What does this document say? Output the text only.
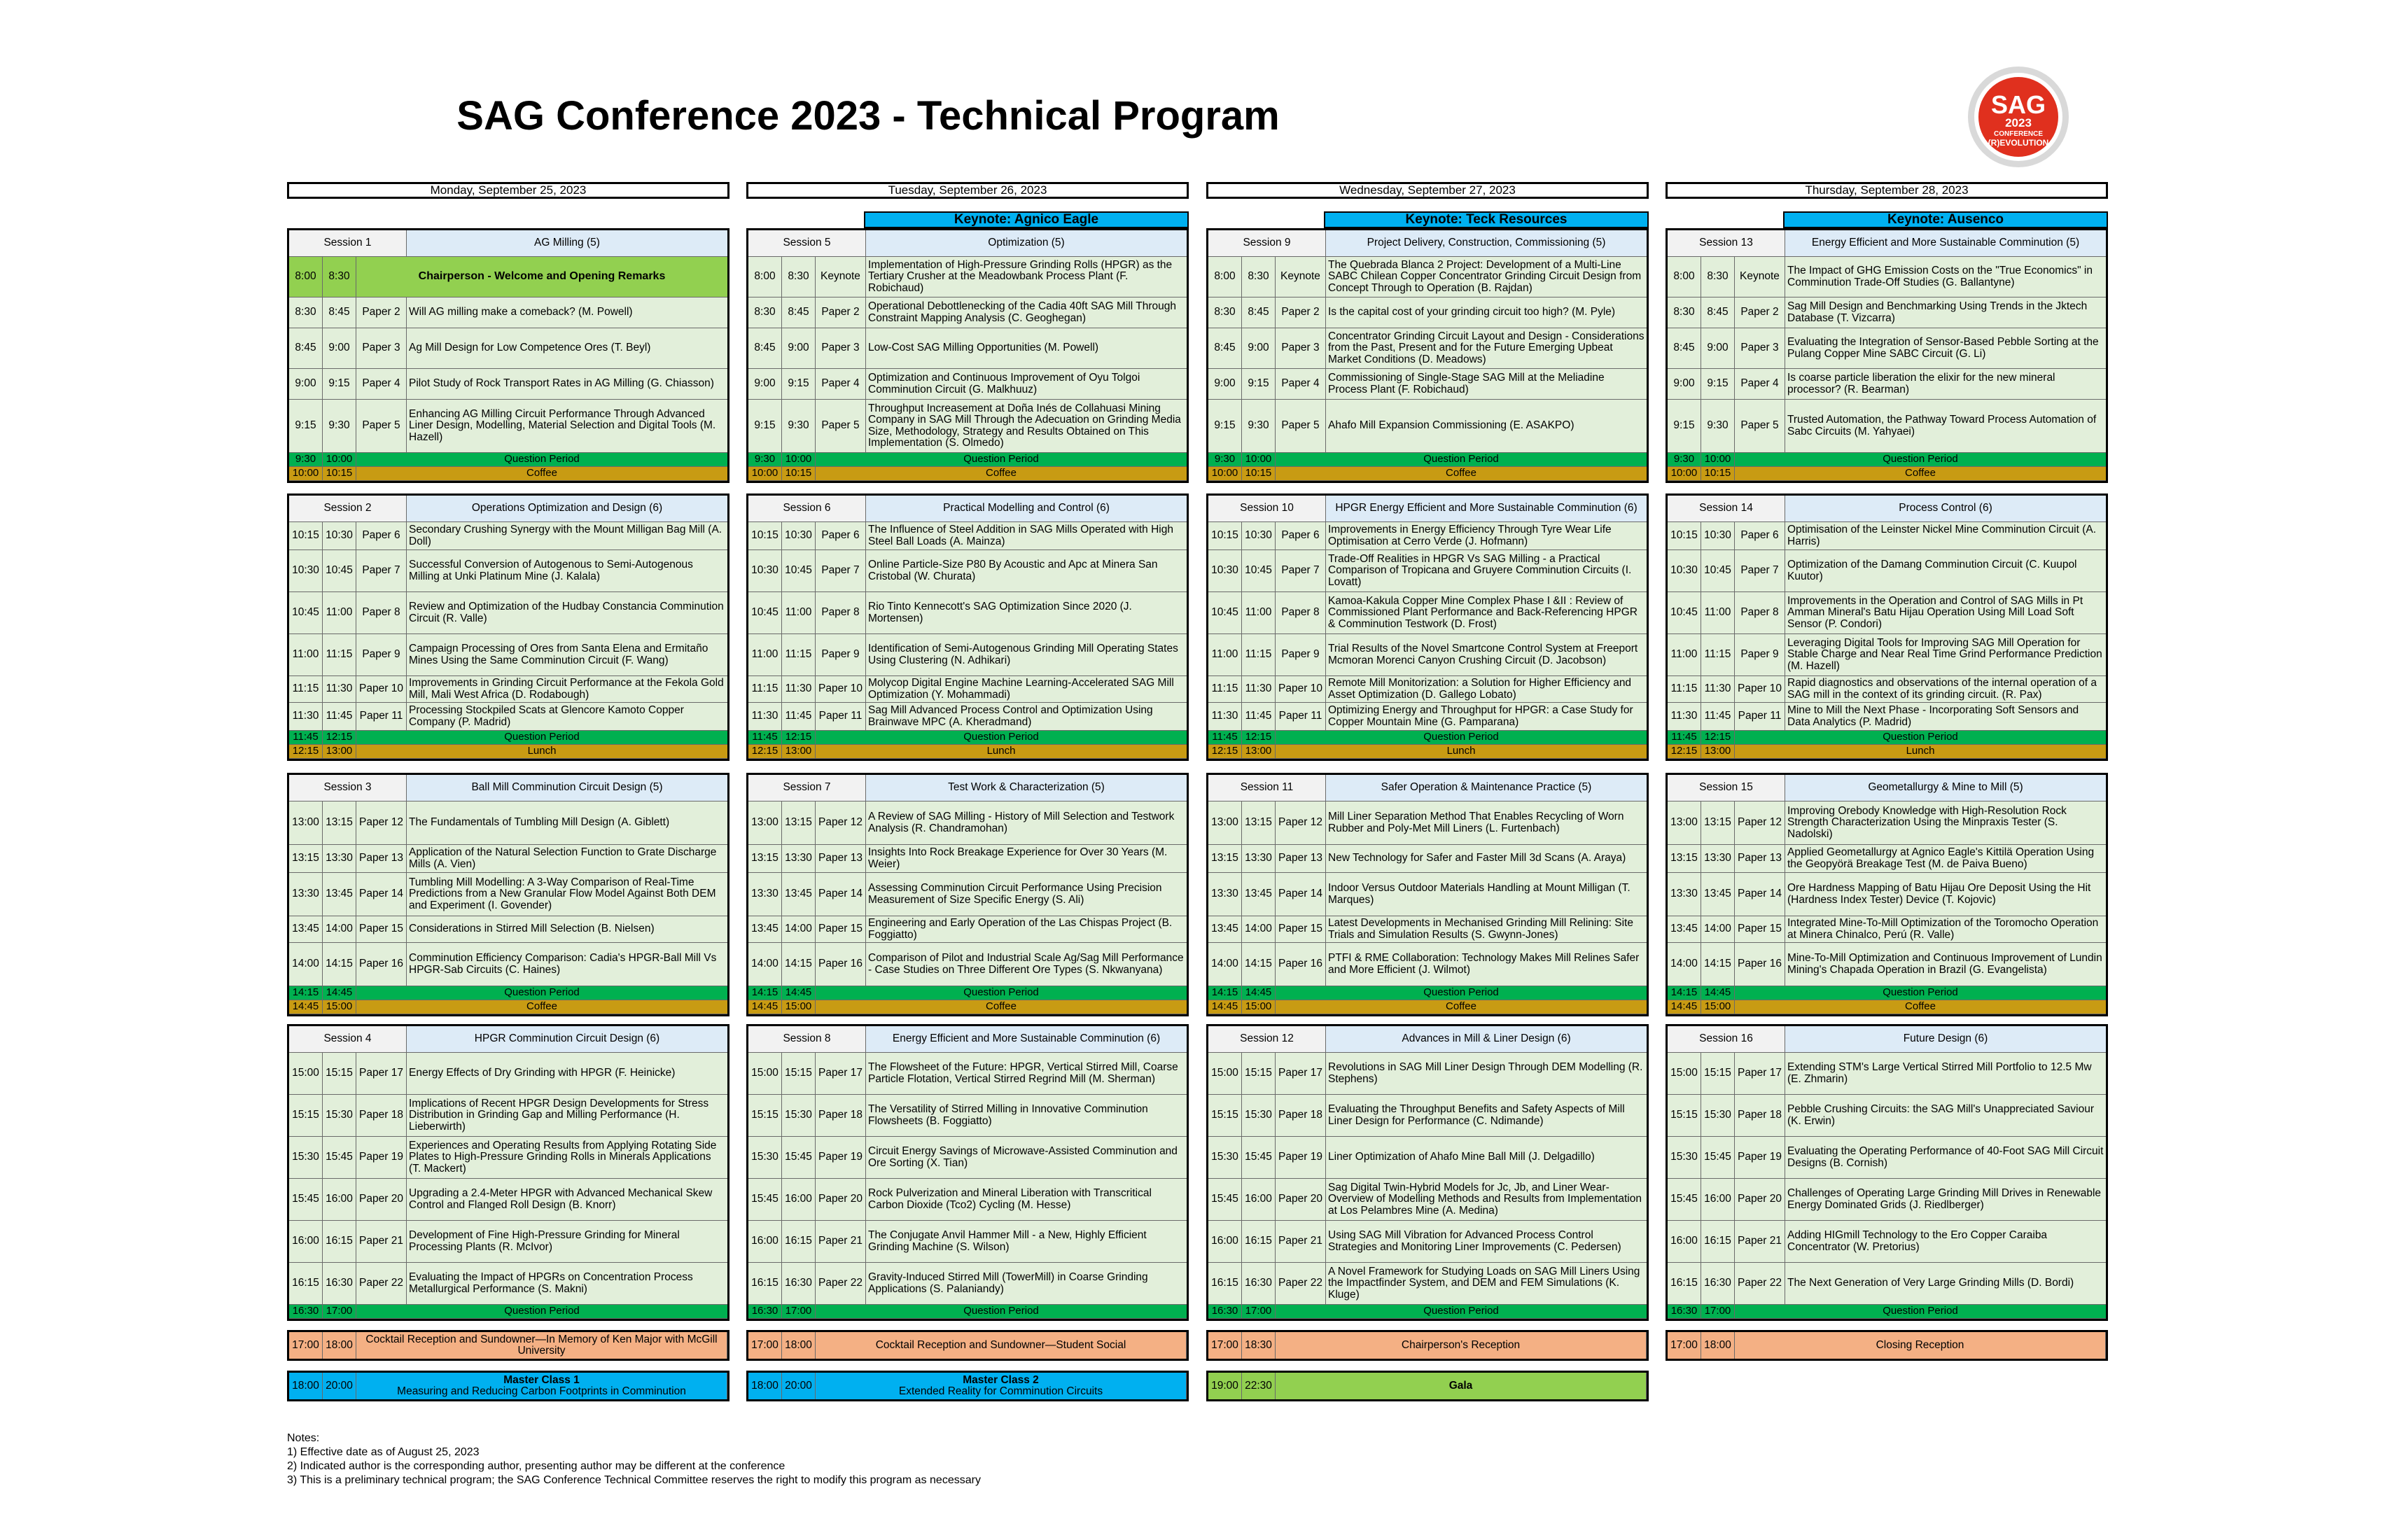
SAG Conference 2023 - Technical Program	SAG
2023
CONFERENCE
(R)EVOLUTION
Monday, September 25, 2023
Session 1	AG Milling (5)
8:00	8:30	Chairperson - Welcome and Opening Remarks
8:30	8:45	Paper 2 Will AG milling make a comeback? (M. Powell)
8:45	9:00	Paper 3 Ag Mill Design for Low Competence Ores (T. Beyl)
9:00	9:15	Paper 4 Pilot Study of Rock Transport Rates in AG Milling (G. Chiasson)
9:15	9:30	Paper 5
Enhancing AG Milling Circuit Performance Through Advanced Liner Design, Modelling, Material Selection and Digital Tools (M. Hazell)
9:30 10:00	Question Period
10:00 10:15	Coffee
Session 2	Operations Optimization and Design (6)
10:15 10:30 Paper 6 Secondary Crushing Synergy with the Mount Milligan Bag Mill (A. Doll)
10:30 10:45 Paper 7 Successful Conversion of Autogenous to Semi-Autogenous Milling at Unki Platinum Mine (J. Kalala)
10:45 11:00 Paper 8 Review and Optimization of the Hudbay Constancia Comminution Circuit (R. Valle)
11:00 11:15 Paper 9 Campaign Processing of Ores from Santa Elena and Ermitaño Mines Using the Same Comminution Circuit (F. Wang)
11:15 11:30 Paper 10 Improvements in Grinding Circuit Performance at the Fekola Gold Mill, Mali West Africa (D. Rodabough)
11:30 11:45 Paper 11 Processing Stockpiled Scats at Glencore Kamoto Copper Company (P. Madrid)
11:45 12:15	Question Period
12:15 13:00	Lunch
Session 3	Ball Mill Comminution Circuit Design (5)
13:00 13:15 Paper 12 The Fundamentals of Tumbling Mill Design (A. Giblett)
13:15 13:30 Paper 13 Application of the Natural Selection Function to Grate Discharge Mills (A. Vien)
13:30 13:45 Paper 14
Tumbling Mill Modelling: A 3-Way Comparison of Real-Time Predictions from a New Granular Flow Model Against Both DEM and Experiment (I. Govender)
13:45 14:00 Paper 15 Considerations in Stirred Mill Selection (B. Nielsen)
14:00 14:15 Paper 16 Comminution Efficiency Comparison: Cadia's HPGR-Ball Mill Vs HPGR-Sab Circuits (C. Haines)
14:15 14:45	Question Period
14:45 15:00	Coffee
Session 4	HPGR Comminution Circuit Design (6)
15:00 15:15 Paper 17 Energy Effects of Dry Grinding with HPGR (F. Heinicke)
15:15 15:30 Paper 18
Implications of Recent HPGR Design Developments for Stress Distribution in Grinding Gap and Milling Performance (H. Lieberwirth)
15:30 15:45 Paper 19
Experiences and Operating Results from Applying Rotating Side Plates to High-Pressure Grinding Rolls in Minerals Applications (T. Mackert)
15:45 16:00 Paper 20 Upgrading a 2.4-Meter HPGR with Advanced Mechanical Skew Control and Flanged Roll Design (B. Knorr)
16:00 16:15 Paper 21 Development of Fine High-Pressure Grinding for Mineral Processing Plants (R. McIvor)
16:15 16:30 Paper 22 Evaluating the Impact of HPGRs on Concentration Process Metallurgical Performance (S. Makni)
16:30 17:00	Question Period
17:00 18:00	Cocktail Reception and Sundowner—In Memory of Ken Major with McGill University
18:00 20:00	Master Class 1
Measuring and Reducing Carbon Footprints in Comminution
Tuesday, September 26, 2023
Keynote: Agnico Eagle
Session 5	Optimization (5)
8:00	8:30	Keynote
Implementation of High-Pressure Grinding Rolls (HPGR) as the Tertiary Crusher at the Meadowbank Process Plant (F. Robichaud)
8:30	8:45	Paper 2 Operational Debottlenecking of the Cadia 40ft SAG Mill Through Constraint Mapping Analysis (C. Geoghegan)
8:45	9:00	Paper 3 Low-Cost SAG Milling Opportunities (M. Powell)
9:00	9:15	Paper 4 Optimization and Continuous Improvement of Oyu Tolgoi Comminution Circuit (G. Malkhuuz)
9:15	9:30	Paper 5
Throughput Increasement at Doña Inés de Collahuasi Mining Company in SAG Mill Through the Adecuation on Grinding Media Size, Methodology, Strategy and Results Obtained on This Implementation (S. Olmedo)
9:30 10:00	Question Period
10:00 10:15	Coffee
Session 6	Practical Modelling and Control (6)
10:15 10:30 Paper 6 The Influence of Steel Addition in SAG Mills Operated with High Steel Ball Loads (A. Mainza)
10:30 10:45 Paper 7 Online Particle-Size P80 By Acoustic and Apc at Minera San Cristobal (W. Churata)
10:45 11:00 Paper 8 Rio Tinto Kennecott's SAG Optimization Since 2020 (J. Mortensen)
11:00 11:15 Paper 9 Identification of Semi-Autogenous Grinding Mill Operating States Using Clustering (N. Adhikari)
11:15 11:30 Paper 10 Molycop Digital Engine Machine Learning-Accelerated SAG Mill Optimization (Y. Mohammadi)
11:30 11:45 Paper 11 Sag Mill Advanced Process Control and Optimization Using Brainwave MPC (A. Kheradmand)
11:45 12:15	Question Period
12:15 13:00	Lunch
Session 7	Test Work & Characterization (5)
13:00 13:15 Paper 12 A Review of SAG Milling - History of Mill Selection and Testwork Analysis (R. Chandramohan)
13:15 13:30 Paper 13 Insights Into Rock Breakage Experience for Over 30 Years (M. Weier)
13:30 13:45 Paper 14 Assessing Comminution Circuit Performance Using Precision Measurement of Size Specific Energy (S. Ali)
13:45 14:00 Paper 15 Engineering and Early Operation of the Las Chispas Project (B. Foggiatto)
14:00 14:15 Paper 16 Comparison of Pilot and Industrial Scale Ag/Sag Mill Performance - Case Studies on Three Different Ore Types (S. Nkwanyana)
14:15 14:45	Question Period
14:45 15:00	Coffee
Session 8	Energy Efficient and More Sustainable Comminution (6)
15:00 15:15 Paper 17 The Flowsheet of the Future: HPGR, Vertical Stirred Mill, Coarse Particle Flotation, Vertical Stirred Regrind Mill (M. Sherman)
15:15 15:30 Paper 18 The Versatility of Stirred Milling in Innovative Comminution Flowsheets (B. Foggiatto)
15:30 15:45 Paper 19 Circuit Energy Savings of Microwave-Assisted Comminution and Ore Sorting (X. Tian)
15:45 16:00 Paper 20 Rock Pulverization and Mineral Liberation with Transcritical Carbon Dioxide (Tco2) Cycling (M. Hesse)
16:00 16:15 Paper 21 The Conjugate Anvil Hammer Mill - a New, Highly Efficient Grinding Machine (S. Wilson)
16:15 16:30 Paper 22 Gravity-Induced Stirred Mill (TowerMill) in Coarse Grinding Applications (S. Palaniandy)
16:30 17:00	Question Period
17:00 18:00	Cocktail Reception and Sundowner—Student Social
18:00 20:00	Master Class 2
Extended Reality for Comminution Circuits
Wednesday, September 27, 2023
Keynote: Teck Resources
Session 9	Project Delivery, Construction, Commissioning (5)
8:00	8:30	Keynote
The Quebrada Blanca 2 Project: Development of a Multi-Line SABC Chilean Copper Concentrator Grinding Circuit Design from Concept Through to Operation (B. Rajdan)
8:30	8:45	Paper 2 Is the capital cost of your grinding circuit too high? (M. Pyle)
8:45	9:00	Paper 3
Concentrator Grinding Circuit Layout and Design - Considerations from the Past, Present and for the Future Emerging Upbeat Market Conditions (D. Meadows)
9:00	9:15	Paper 4 Commissioning of Single-Stage SAG Mill at the Meliadine Process Plant (F. Robichaud)
9:15	9:30	Paper 5 Ahafo Mill Expansion Commissioning (E. ASAKPO)
9:30 10:00	Question Period
10:00 10:15	Coffee
Session 10	HPGR Energy Efficient and More Sustainable Comminution (6)
10:15 10:30 Paper 6 Improvements in Energy Efficiency Through Tyre Wear Life Optimisation at Cerro Verde (J. Hofmann)
10:30 10:45 Paper 7
Trade-Off Realities in HPGR Vs SAG Milling - a Practical Comparison of Tropicana and Gruyere Comminution Circuits (I. Lovatt)
10:45 11:00 Paper 8
Kamoa-Kakula Copper Mine Complex Phase I &II : Review of Commissioned Plant Performance and Back-Referencing HPGR & Comminution Testwork (D. Frost)
11:00 11:15 Paper 9 Trial Results of the Novel Smartcone Control System at Freeport Mcmoran Morenci Canyon Crushing Circuit (D. Jacobson)
11:15 11:30 Paper 10 Remote Mill Monitorization: a Solution for Higher Efficiency and Asset Optimization (D. Gallego Lobato)
11:30 11:45 Paper 11 Optimizing Energy and Throughput for HPGR: a Case Study for Copper Mountain Mine (G. Pamparana)
11:45 12:15	Question Period
12:15 13:00	Lunch
Session 11	Safer Operation & Maintenance Practice (5)
13:00 13:15 Paper 12 Mill Liner Separation Method That Enables Recycling of Worn Rubber and Poly-Met Mill Liners (L. Furtenbach)
13:15 13:30 Paper 13 New Technology for Safer and Faster Mill 3d Scans (A. Araya)
13:30 13:45 Paper 14 Indoor Versus Outdoor Materials Handling at Mount Milligan (T. Marques)
13:45 14:00 Paper 15 Latest Developments in Mechanised Grinding Mill Relining: Site Trials and Simulation Results (S. Gwynn-Jones)
14:00 14:15 Paper 16 PTFI & RME Collaboration: Technology Makes Mill Relines Safer and More Efficient (J. Wilmot)
14:15 14:45	Question Period
14:45 15:00	Coffee
Session 12	Advances in Mill & Liner Design (6)
15:00 15:15 Paper 17 Revolutions in SAG Mill Liner Design Through DEM Modelling (R. Stephens)
15:15 15:30 Paper 18 Evaluating the Throughput Benefits and Safety Aspects of Mill Liner Design for Performance (C. Ndimande)
15:30 15:45 Paper 19 Liner Optimization of Ahafo Mine Ball Mill (J. Delgadillo)
15:45 16:00 Paper 20
Sag Digital Twin-Hybrid Models for Jc, Jb, and Liner Wear-Overview of Modelling Methods and Results from Implementation at Los Pelambres Mine (A. Medina)
16:00 16:15 Paper 21 Using SAG Mill Vibration for Advanced Process Control Strategies and Monitoring Liner Improvements (C. Pedersen)
16:15 16:30 Paper 22
A Novel Framework for Studying Loads on SAG Mill Liners Using the Impactfinder System, and DEM and FEM Simulations (K. Kluge)
16:30 17:00	Question Period
17:00 18:30	Chairperson's Reception
19:00 22:30	Gala
Thursday, September 28, 2023
Keynote: Ausenco
Session 13	Energy Efficient and More Sustainable Comminution (5)
8:00	8:30	Keynote The Impact of GHG Emission Costs on the "True Economics" in Comminution Trade-Off Studies (G. Ballantyne)
8:30	8:45	Paper 2 Sag Mill Design and Benchmarking Using Trends in the Jktech Database (T. Vizcarra)
8:45	9:00	Paper 3 Evaluating the Integration of Sensor-Based Pebble Sorting at the Pulang Copper Mine SABC Circuit (G. Li)
9:00	9:15	Paper 4 Is coarse particle liberation the elixir for the new mineral processor? (R. Bearman)
9:15	9:30	Paper 5 Trusted Automation, the Pathway Toward Process Automation of Sabc Circuits (M. Yahyaei)
9:30 10:00	Question Period
10:00 10:15	Coffee
Session 14	Process Control (6)
10:15 10:30 Paper 6 Optimisation of the Leinster Nickel Mine Comminution Circuit (A. Harris)
10:30 10:45 Paper 7 Optimization of the Damang Comminution Circuit (C. Kuupol Kuutor)
10:45 11:00 Paper 8
Improvements in the Operation and Control of SAG Mills in Pt Amman Mineral's Batu Hijau Operation Using Mill Load Soft Sensor (P. Condori)
11:00 11:15 Paper 9
Leveraging Digital Tools for Improving SAG Mill Operation for Stable Charge and Near Real Time Grind Performance Prediction (M. Hazell)
11:15 11:30 Paper 10 Rapid diagnostics and observations of the internal operation of a SAG mill in the context of its grinding circuit. (R. Pax)
11:30 11:45 Paper 11 Mine to Mill the Next Phase - Incorporating Soft Sensors and Data Analytics (P. Madrid)
11:45 12:15	Question Period
12:15 13:00	Lunch
Session 15	Geometallurgy & Mine to Mill (5)
13:00 13:15 Paper 12
Improving Orebody Knowledge with High-Resolution Rock Strength Characterization Using the Minpraxis Tester (S. Nadolski)
13:15 13:30 Paper 13 Applied Geometallurgy at Agnico Eagle's Kittilä Operation Using the Geopyörä Breakage Test (M. de Paiva Bueno)
13:30 13:45 Paper 14 Ore Hardness Mapping of Batu Hijau Ore Deposit Using the Hit (Hardness Index Tester) Device (T. Kojovic)
13:45 14:00 Paper 15 Integrated Mine-To-Mill Optimization of the Toromocho Operation at Minera Chinalco, Perú (R. Valle)
14:00 14:15 Paper 16 Mine-To-Mill Optimization and Continuous Improvement of Lundin Mining's Chapada Operation in Brazil (G. Evangelista)
14:15 14:45	Question Period
14:45 15:00	Coffee
Session 16	Future Design (6)
15:00 15:15 Paper 17 Extending STM's Large Vertical Stirred Mill Portfolio to 12.5 Mw (E. Zhmarin)
15:15 15:30 Paper 18 Pebble Crushing Circuits: the SAG Mill's Unappreciated Saviour (K. Erwin)
15:30 15:45 Paper 19 Evaluating the Operating Performance of 40-Foot SAG Mill Circuit Designs (B. Cornish)
15:45 16:00 Paper 20 Challenges of Operating Large Grinding Mill Drives in Renewable Energy Dominated Grids (J. Riedlberger)
16:00 16:15 Paper 21 Adding HIGmill Technology to the Ero Copper Caraiba Concentrator (W. Pretorius)
16:15 16:30 Paper 22 The Next Generation of Very Large Grinding Mills (D. Bordi)
16:30 17:00	Question Period
17:00 18:00	Closing Reception
Notes:
1) Effective date as of August 25, 2023
2) Indicated author is the corresponding author, presenting author may be different at the conference
3) This is a preliminary technical program; the SAG Conference Technical Committee reserves the right to modify this program as necessary
